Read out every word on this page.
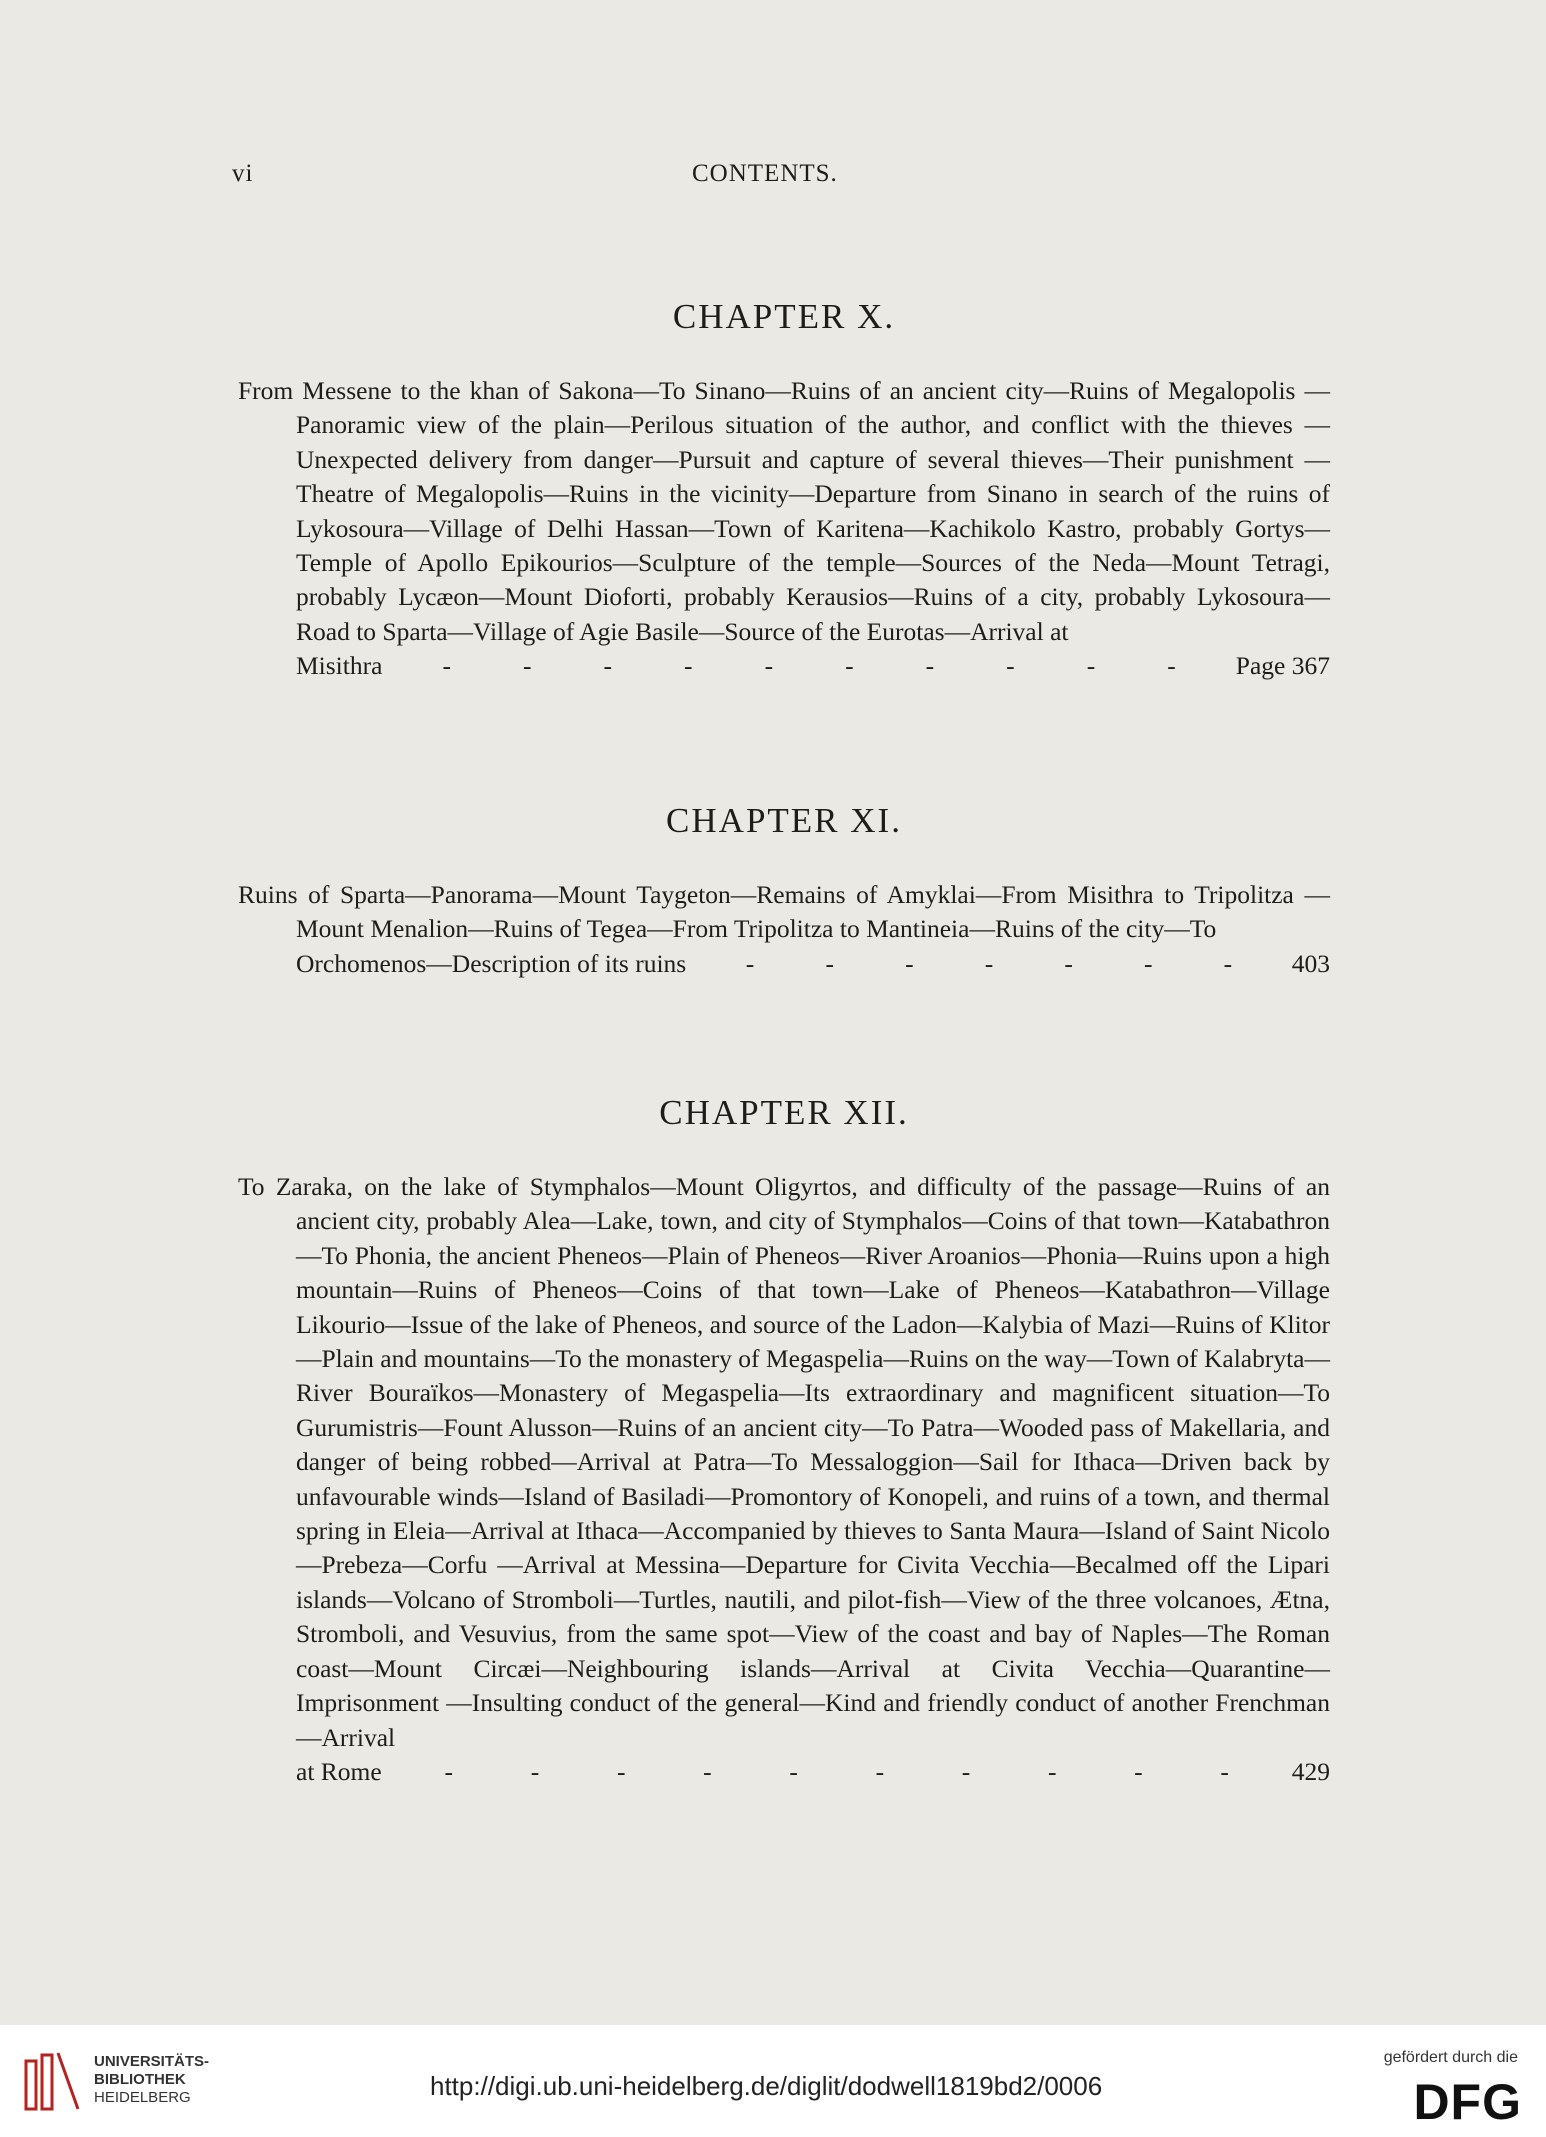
vi	CONTENTS.
CHAPTER X.

From Messene to the khan of Sakona—To Sinano—Ruins of an ancient city—Ruins of Megalopolis —Panoramic view of the plain—Perilous situation of the author, and conflict with the thieves —Unexpected delivery from danger—Pursuit and capture of several thieves—Their punishment —Theatre of Megalopolis—Ruins in the vicinity—Departure from Sinano in search of the ruins of Lykosoura—Village of Delhi Hassan—Town of Karitena—Kachikolo Kastro, probably Gortys—Temple of Apollo Epikourios—Sculpture of the temple—Sources of the Neda—Mount Tetragi, probably Lycæon—Mount Dioforti, probably Kerausios—Ruins of a city, probably Lykosoura—Road to Sparta—Village of Agie Basile—Source of the Eurotas—Arrival at

Misithra -	-	-	-	-	-	-	-	-	- Page 367
CHAPTER XI.

Ruins of Sparta—Panorama—Mount Taygeton—Remains of Amyklai—From Misithra to Tripolitza —Mount Menalion—Ruins of Tegea—From Tripolitza to Mantineia—Ruins of the city—To

Orchomenos—Description of its ruins -	-	-	-	-	-	- 403
CHAPTER XII.

To Zaraka, on the lake of Stymphalos—Mount Oligyrtos, and difficulty of the passage—Ruins of an ancient city, probably Alea—Lake, town, and city of Stymphalos—Coins of that town—Katabathron—To Phonia, the ancient Pheneos—Plain of Pheneos—River Aroanios—Phonia—Ruins upon a high mountain—Ruins of Pheneos—Coins of that town—Lake of Pheneos—Katabathron—Village Likourio—Issue of the lake of Pheneos, and source of the Ladon—Kalybia of Mazi—Ruins of Klitor—Plain and mountains—To the monastery of Megaspelia—Ruins on the way—Town of Kalabryta—River Bouraïkos—Monastery of Megaspelia—Its extraordinary and magnificent situation—To Gurumistris—Fount Alusson—Ruins of an ancient city—To Patra—Wooded pass of Makellaria, and danger of being robbed—Arrival at Patra—To Messaloggion—Sail for Ithaca—Driven back by unfavourable winds—Island of Basiladi—Promontory of Konopeli, and ruins of a town, and thermal spring in Eleia—Arrival at Ithaca—Accompanied by thieves to Santa Maura—Island of Saint Nicolo—Prebeza—Corfu —Arrival at Messina—Departure for Civita Vecchia—Becalmed off the Lipari islands—Volcano of Stromboli—Turtles, nautili, and pilot-fish—View of the three volcanoes, Ætna, Stromboli, and Vesuvius, from the same spot—View of the coast and bay of Naples—The Roman coast—Mount Circæi—Neighbouring islands—Arrival at Civita Vecchia—Quarantine—Imprisonment —Insulting conduct of the general—Kind and friendly conduct of another Frenchman—Arrival

at Rome -	-	-	-	-	-	-	-	-	- 429
UNIVERSITÄTS-
BIBLIOTHEK
HEIDELBERG	http://digi.ub.uni-heidelberg.de/diglit/dodwell1819bd2/0006
gefördert durch die
DFG
